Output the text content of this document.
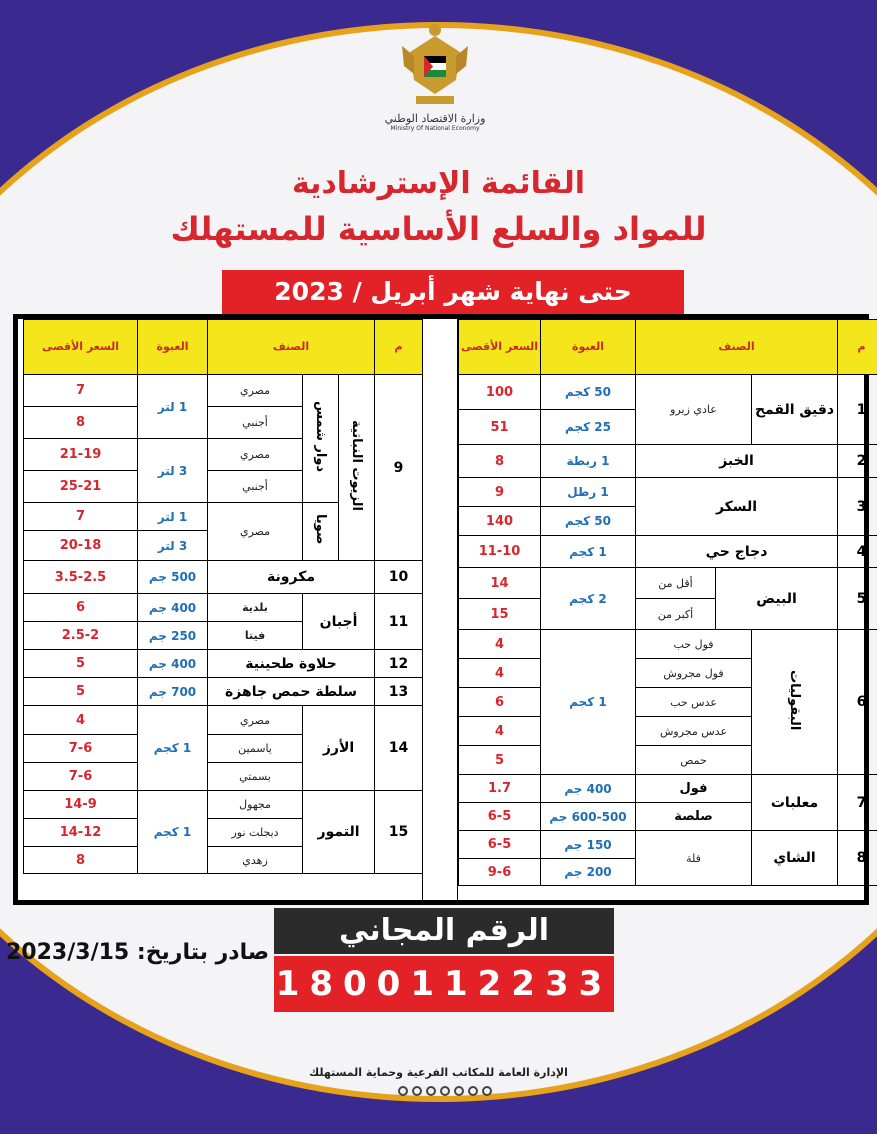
وزارة الاقتصاد الوطني
Ministry Of National Economy
القائمة الإسترشادية
للمواد والسلع الأساسية للمستهلك
حتى نهاية شهر أبريل / 2023
م	الصنف			العبوة	السعر الأقصى
1	دقيق القمح	عادي زيرو		50 كجم	100
				25 كجم	51
2	الخبز			1 ربطة	8
3	السكر			1 رطل	9
				50 كجم	140
4	دجاج حي			1 كجم	11-10
5	البيض		أقل من	2 كجم	14
			أكبر من		15
6	البقوليات	فول حب		1 كجم	4
		فول مجروش			4
		عدس حب			6
		عدس مجروش			4
		حمص			5
7	معلبات	فول		400 جم	1.7
		صلصة		600-500 جم	6-5
8	الشاي	فلة		150 جم	6-5
				200 جم	9-6
م	الصنف			العبوة	السعر الأقصى
9	الزيوت النباتية	دوار شمس	مصري	1 لتر	7
			أجنبي		8
			مصري	3 لتر	21-19
			أجنبي		25-21
		صويا	مصري	1 لتر	7
				3 لتر	20-18
10	مكرونة			500 جم	3.5-2.5
11	أجبان		بلدية	400 جم	6
			فيتا	250 جم	2.5-2
12	حلاوة طحينية			400 جم	5
13	سلطة حمص جاهزة			700 جم	5
14	الأرز		مصري	1 كجم	4
			ياسمين		7-6
			بسمتي		7-6
15	التمور		مجهول	1 كجم	14-9
			ديجلت نور		14-12
			زهدي		8
الرقم المجاني
1800112233
صادر بتاريخ: 2023/3/15
الإدارة العامة للمكاتب الفرعية وحماية المستهلك
